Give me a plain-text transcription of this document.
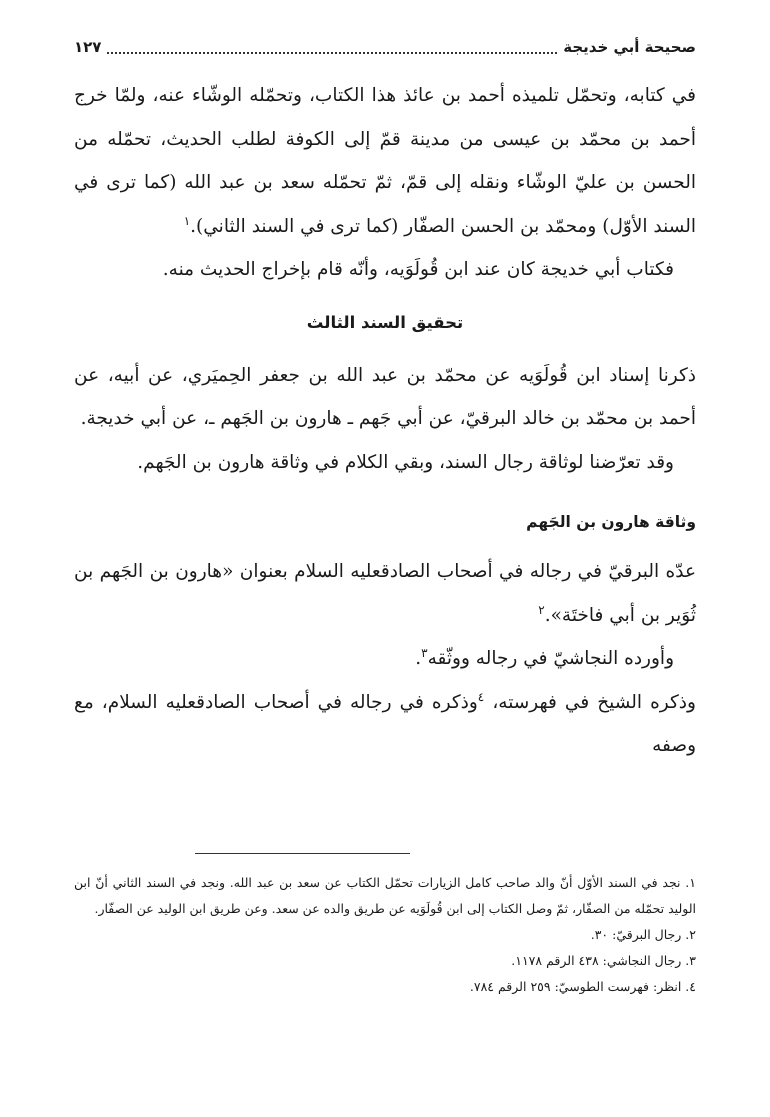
صحيحة أبي خديجة
١٢٧

في كتابه، وتحمّل تلميذه أحمد بن عائذ هذا الكتاب، وتحمّله الوشّاء عنه، ولمّا خرج أحمد بن محمّد بن عيسى من مدينة قمّ إلى الكوفة لطلب الحديث، تحمّله من الحسن بن عليّ الوشّاء ونقله إلى قمّ، ثمّ تحمّله سعد بن عبد الله (كما ترى في السند الأوّل) ومحمّد بن الحسن الصفّار (كما ترى في السند الثاني).$^١$

فكتاب أبي خديجة كان عند ابن قُولَوَيه، وأنّه قام بإخراج الحديث منه.

تحقيق السند الثالث

ذكرنا إسناد ابن قُولَوَيه عن محمّد بن عبد الله بن جعفر الحِميَري، عن أبيه، عن أحمد بن محمّد بن خالد البرقيّ، عن أبي جَهم ـ هارون بن الجَهم ـ، عن أبي خديجة.

وقد تعرّضنا لوثاقة رجال السند، وبقي الكلام في وثاقة هارون بن الجَهم.

وثاقة هارون بن الجَهم

عدّه البرقيّ في رجاله في أصحاب الصادقعليه السلام بعنوان «هارون بن الجَهم بن ثُوَير بن أبي فاختَة».$^٢$

وأورده النجاشيّ في رجاله ووثّقه$^٣$.

وذكره الشيخ في فهرسته، $^٤$وذكره في رجاله في أصحاب الصادقعليه السلام، مع وصفه

١. نجد في السند الأوّل أنّ والد صاحب كامل الزيارات تحمّل الكتاب عن سعد بن عبد الله. ونجد في السند الثاني أنّ ابن الوليد تحمّله من الصفّار، ثمّ وصل الكتاب إلى ابن قُولَوَيه عن طريق والده عن سعد. وعن طريق ابن الوليد عن الصفّار.

٢. رجال البرقيّ: ٣٠.

٣. رجال النجاشي: ٤٣٨ الرقم ١١٧٨.

٤. انظر: فهرست الطوسيّ: ٢٥٩ الرقم ٧٨٤.
